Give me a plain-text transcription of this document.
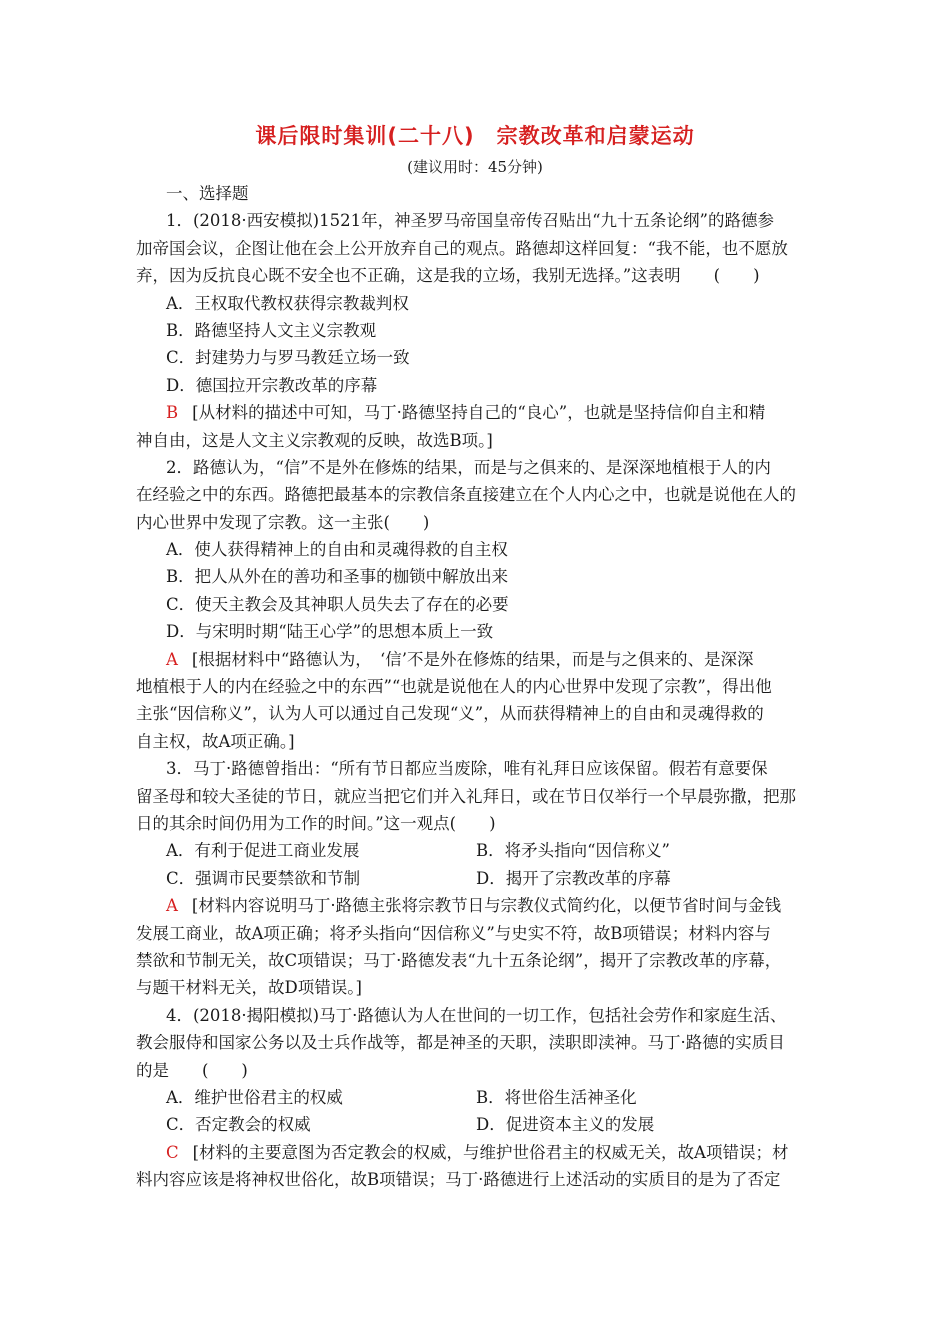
课后限时集训(二十八)　宗教改革和启蒙运动
(建议用时：45分钟)
一、选择题
1．(2018·西安模拟)1521年，神圣罗马帝国皇帝传召贴出“九十五条论纲”的路德参
加帝国会议，企图让他在会上公开放弃自己的观点。路德却这样回复：“我不能，也不愿放
弃，因为反抗良心既不安全也不正确，这是我的立场，我别无选择。”这表明　　(　　)
A．王权取代教权获得宗教裁判权
B．路德坚持人文主义宗教观
C．封建势力与罗马教廷立场一致
D．德国拉开宗教改革的序幕
B [从材料的描述中可知，马丁·路德坚持自己的“良心”，也就是坚持信仰自主和精
神自由，这是人文主义宗教观的反映，故选B项。]
2．路德认为，“信”不是外在修炼的结果，而是与之俱来的、是深深地植根于人的内
在经验之中的东西。路德把最基本的宗教信条直接建立在个人内心之中，也就是说他在人的
内心世界中发现了宗教。这一主张(　　)
A．使人获得精神上的自由和灵魂得救的自主权
B．把人从外在的善功和圣事的枷锁中解放出来
C．使天主教会及其神职人员失去了存在的必要
D．与宋明时期“陆王心学”的思想本质上一致
A [根据材料中“路德认为，　‘信’不是外在修炼的结果，而是与之俱来的、是深深
地植根于人的内在经验之中的东西”“也就是说他在人的内心世界中发现了宗教”，得出他
主张“因信称义”，认为人可以通过自己发现“义”，从而获得精神上的自由和灵魂得救的
自主权，故A项正确。]
3．马丁·路德曾指出：“所有节日都应当废除，唯有礼拜日应该保留。假若有意要保
留圣母和较大圣徒的节日，就应当把它们并入礼拜日，或在节日仅举行一个早晨弥撒，把那
日的其余时间仍用为工作的时间。”这一观点(　　)
A．有利于促进工商业发展	B．将矛头指向“因信称义”
C．强调市民要禁欲和节制	D．揭开了宗教改革的序幕
A [材料内容说明马丁·路德主张将宗教节日与宗教仪式简约化，以便节省时间与金钱
发展工商业，故A项正确；将矛头指向“因信称义”与史实不符，故B项错误；材料内容与
禁欲和节制无关，故C项错误；马丁·路德发表“九十五条论纲”，揭开了宗教改革的序幕，
与题干材料无关，故D项错误。]
4．(2018·揭阳模拟)马丁·路德认为人在世间的一切工作，包括社会劳作和家庭生活、
教会服侍和国家公务以及士兵作战等，都是神圣的天职，渎职即渎神。马丁·路德的实质目
的是　　(　　)
A．维护世俗君主的权威	B．将世俗生活神圣化
C．否定教会的权威	D．促进资本主义的发展
C [材料的主要意图为否定教会的权威，与维护世俗君主的权威无关，故A项错误；材
料内容应该是将神权世俗化，故B项错误；马丁·路德进行上述活动的实质目的是为了否定
